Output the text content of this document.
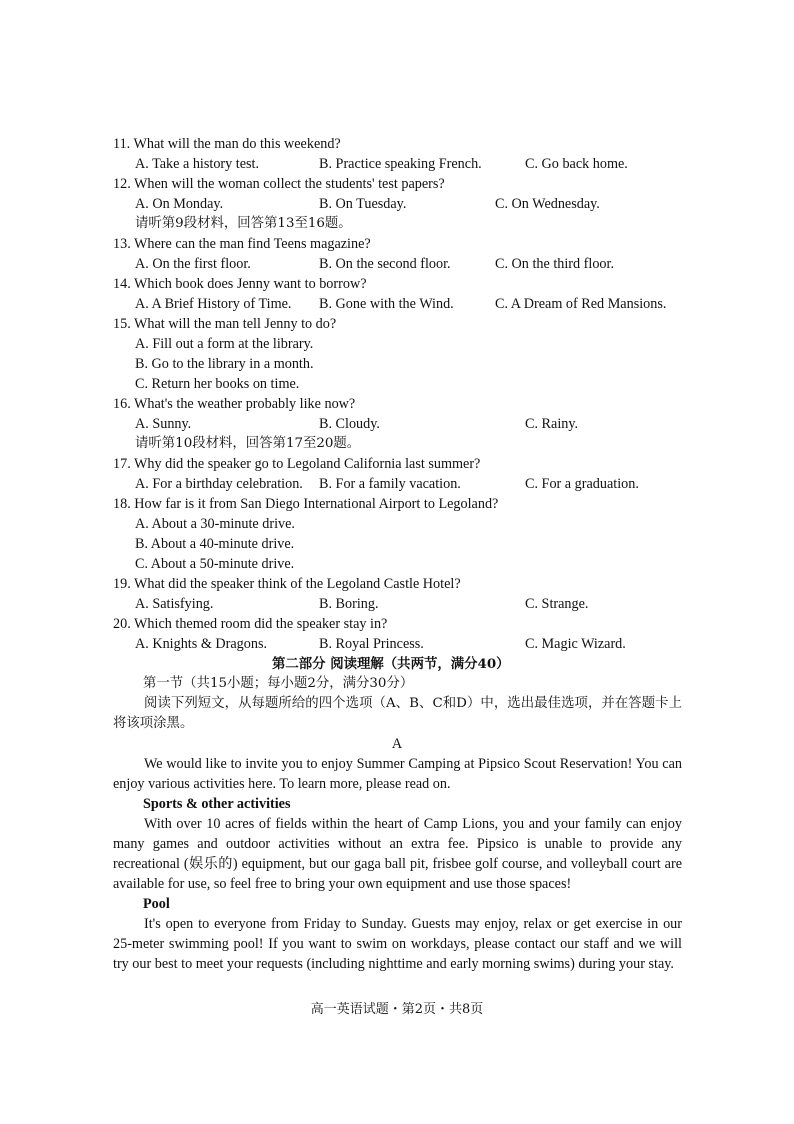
11. What will the man do this weekend?
A. Take a history test.	B. Practice speaking French.	C. Go back home.
12. When will the woman collect the students' test papers?
A. On Monday.	B. On Tuesday.	C. On Wednesday.
请听第9段材料，回答第13至16题。
13. Where can the man find Teens magazine?
A. On the first floor.	B. On the second floor.	C. On the third floor.
14. Which book does Jenny want to borrow?
A. A Brief History of Time. B. Gone with the Wind.	C. A Dream of Red Mansions.
15. What will the man tell Jenny to do?
A. Fill out a form at the library.
B. Go to the library in a month.
C. Return her books on time.
16. What's the weather probably like now?
A. Sunny.	B. Cloudy.	C. Rainy.
请听第10段材料，回答第17至20题。
17. Why did the speaker go to Legoland California last summer?
A. For a birthday celebration. B. For a family vacation.	C. For a graduation.
18. How far is it from San Diego International Airport to Legoland?
A. About a 30-minute drive.
B. About a 40-minute drive.
C. About a 50-minute drive.
19. What did the speaker think of the Legoland Castle Hotel?
A. Satisfying.	B. Boring.	C. Strange.
20. Which themed room did the speaker stay in?
A. Knights & Dragons.	B. Royal Princess.	C. Magic Wizard.
第二部分 阅读理解（共两节，满分40）
第一节（共15小题；每小题2分，满分30分）
阅读下列短文，从每题所给的四个选项（A、B、C和D）中，选出最佳选项，并在答题卡上将该项涂黑。
A
We would like to invite you to enjoy Summer Camping at Pipsico Scout Reservation! You can enjoy various activities here. To learn more, please read on.
Sports & other activities
With over 10 acres of fields within the heart of Camp Lions, you and your family can enjoy many games and outdoor activities without an extra fee. Pipsico is unable to provide any recreational (娱乐的) equipment, but our gaga ball pit, frisbee golf course, and volleyball court are available for use, so feel free to bring your own equipment and use those spaces!
Pool
It's open to everyone from Friday to Sunday. Guests may enjoy, relax or get exercise in our 25-meter swimming pool! If you want to swim on workdays, please contact our staff and we will try our best to meet your requests (including nighttime and early morning swims) during your stay.
高一英语试题・第2页・共8页
